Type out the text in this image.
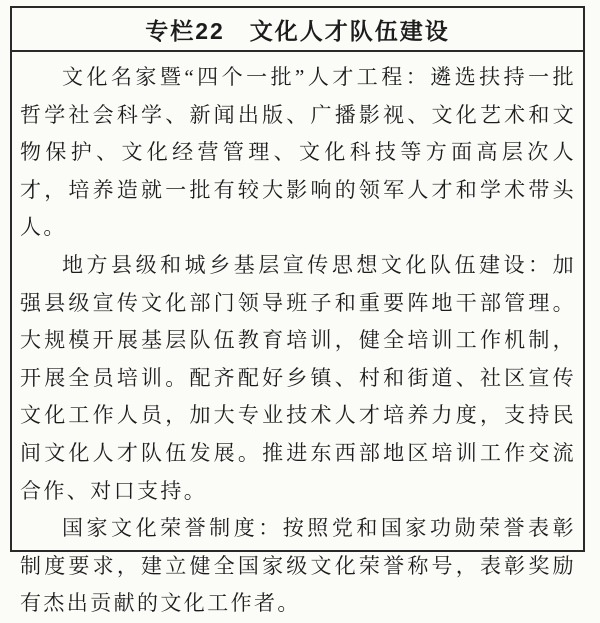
专栏22　文化人才队伍建设

文化名家暨“四个一批”人才工程：遴选扶持一批哲学社会科学、新闻出版、广播影视、文化艺术和文物保护、文化经营管理、文化科技等方面高层次人才，培养造就一批有较大影响的领军人才和学术带头人。

地方县级和城乡基层宣传思想文化队伍建设：加强县级宣传文化部门领导班子和重要阵地干部管理。大规模开展基层队伍教育培训，健全培训工作机制，开展全员培训。配齐配好乡镇、村和街道、社区宣传文化工作人员，加大专业技术人才培养力度，支持民间文化人才队伍发展。推进东西部地区培训工作交流合作、对口支持。

国家文化荣誉制度：按照党和国家功勋荣誉表彰制度要求，建立健全国家级文化荣誉称号，表彰奖励有杰出贡献的文化工作者。
